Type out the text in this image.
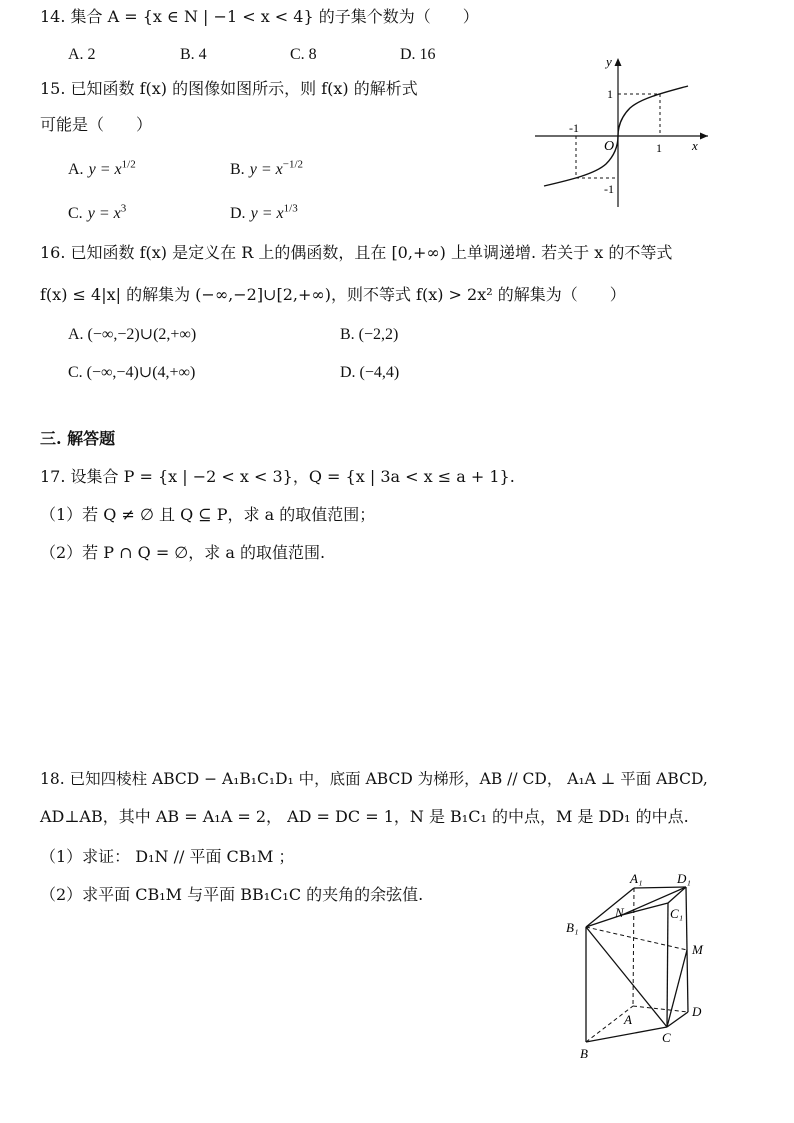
14. 集合 A = {x ∈ N | −1 < x < 4} 的子集个数为（　　）
A. 2	B. 4	C. 8	D. 16
15. 已知函数 f(x) 的图像如图所示，则 f(x) 的解析式
可能是（　　）
A. $y = x^{1/2}$	B. $y = x^{-1/2}$
C. $y = x^3$	D. $y = x^{1/3}$
y
x
O
-1
1
1
-1
16. 已知函数 f(x) 是定义在 R 上的偶函数，且在 [0,+∞) 上单调递增. 若关于 x 的不等式
f(x) ≤ 4|x| 的解集为 (−∞,−2]∪[2,+∞)，则不等式 f(x) > 2x² 的解集为（　　）
A. (−∞,−2)∪(2,+∞)	B. (−2,2)
C. (−∞,−4)∪(4,+∞)	D. (−4,4)
三. 解答题
17. 设集合 P = {x | −2 < x < 3}，Q = {x | 3a < x ≤ a + 1}.
（1）若 Q ≠ ∅ 且 Q ⊆ P，求 a 的取值范围；
（2）若 P ∩ Q = ∅，求 a 的取值范围.
18. 已知四棱柱 ABCD − A₁B₁C₁D₁ 中，底面 ABCD 为梯形，AB // CD， A₁A ⊥ 平面 ABCD,
AD⊥AB，其中 AB = A₁A = 2， AD = DC = 1，N 是 B₁C₁ 的中点，M 是 DD₁ 的中点.
（1）求证： D₁N // 平面 CB₁M ；
（2）求平面 CB₁M 与平面 BB₁C₁C 的夹角的余弦值.
A₁	D₁
N	C₁
B₁
M
A
D
C
B
